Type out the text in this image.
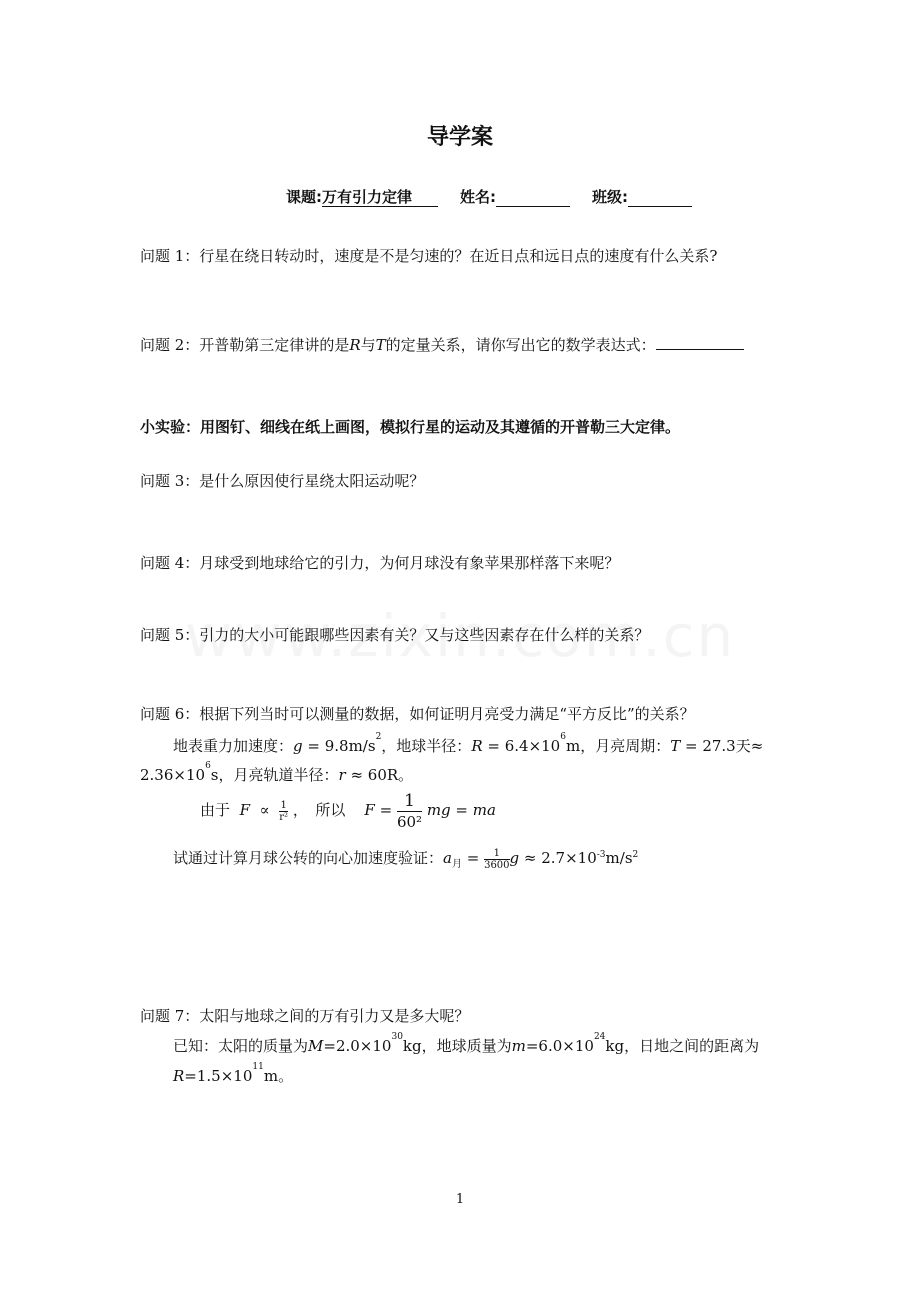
导学案
课题:万有引力定律	姓名:	班级:
问题 1：行星在绕日转动时，速度是不是匀速的？在近日点和远日点的速度有什么关系?
问题 2：开普勒第三定律讲的是R与T的定量关系，请你写出它的数学表达式：
小实验：用图钉、细线在纸上画图，模拟行星的运动及其遵循的开普勒三大定律。
问题 3：是什么原因使行星绕太阳运动呢？
问题 4：月球受到地球给它的引力，为何月球没有象苹果那样落下来呢？
问题 5：引力的大小可能跟哪些因素有关？又与这些因素存在什么样的关系？
问题 6：根据下列当时可以测量的数据，如何证明月亮受力满足“平方反比”的关系？
地表重力加速度：$g = 9.8m/s^2$，地球半径：$R = 6.4\times 10^6m$，月亮周期：T = 27.3天≈
$2.36\times 10^6s$，月亮轨道半径：r ≈ 60R。
由于 $F \propto \frac{1}{\text{r²}}$ ，　所以 $F = \frac{1}{\text{60²}}$ mg = ma
试通过计算月球公转的向心加速度验证：$a_月 = \frac{1}{3600}$ $g \approx 2.7\times 10^{-3}m/s^2$
问题 7：太阳与地球之间的万有引力又是多大呢？
已知：太阳的质量为$M=2.0\times 10^{30}kg$，地球质量为$m=6.0\times 10^{24}kg$，日地之间的距离为
$R=1.5\times 10^{11}m$。
1
